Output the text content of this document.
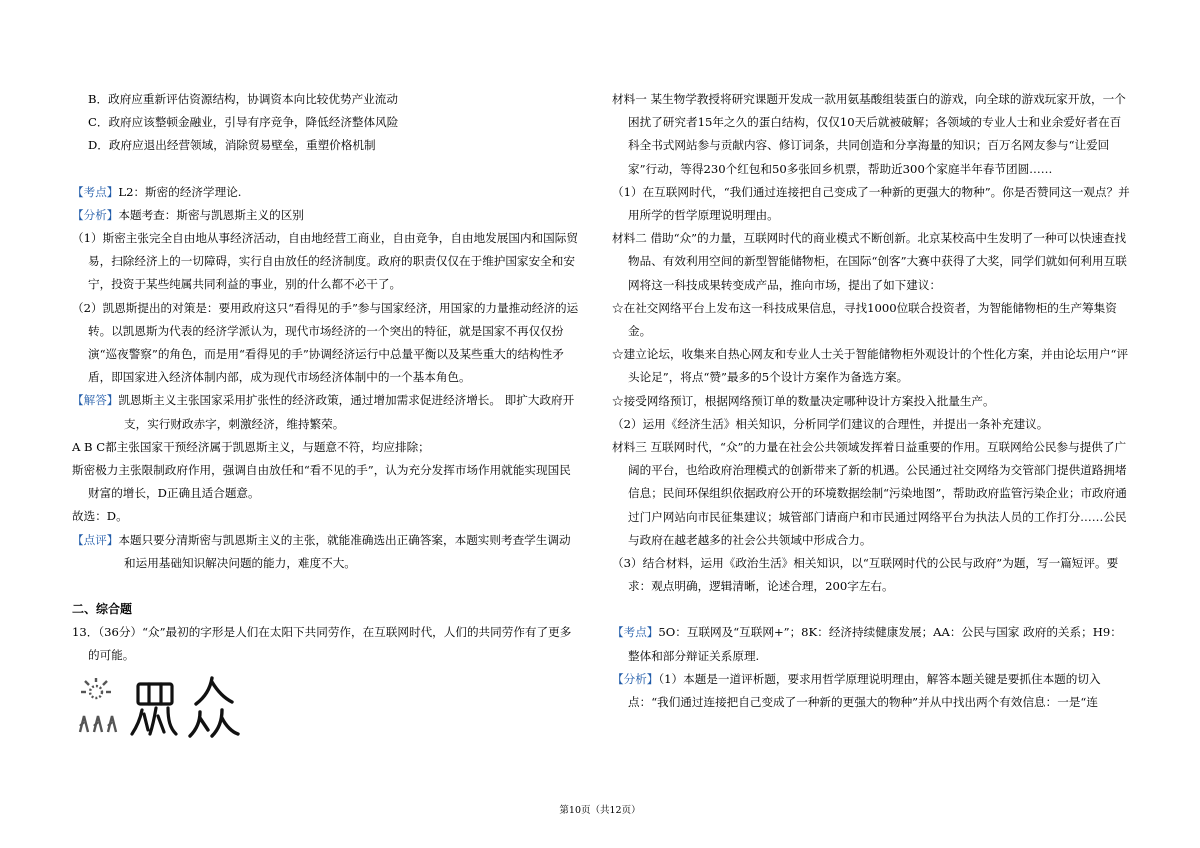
B．政府应重新评估资源结构，协调资本向比较优势产业流动

C．政府应该整顿金融业，引导有序竞争，降低经济整体风险

D．政府应退出经营领域，消除贸易壁垒，重塑价格机制

【考点】L2：斯密的经济学理论.

【分析】本题考查：斯密与凯恩斯主义的区别

（1）斯密主张完全自由地从事经济活动，自由地经营工商业，自由竞争，自由地发展国内和国际贸易，扫除经济上的一切障碍，实行自由放任的经济制度。政府的职责仅仅在于维护国家安全和安宁，投资于某些纯属共同利益的事业，别的什么都不必干了。

（2）凯恩斯提出的对策是：要用政府这只“看得见的手”参与国家经济，用国家的力量推动经济的运转。以凯恩斯为代表的经济学派认为，现代市场经济的一个突出的特征，就是国家不再仅仅扮演“巡夜警察”的角色，而是用“看得见的手”协调经济运行中总量平衡以及某些重大的结构性矛盾，即国家进入经济体制内部，成为现代市场经济体制中的一个基本角色。

【解答】凯恩斯主义主张国家采用扩张性的经济政策，通过增加需求促进经济增长。 即扩大政府开支，实行财政赤字，刺激经济，维持繁荣。

A B C都主张国家干预经济属于凯恩斯主义，与题意不符，均应排除；

斯密极力主张限制政府作用，强调自由放任和“看不见的手”，认为充分发挥市场作用就能实现国民财富的增长，D正确且适合题意。

故选：D。

【点评】本题只要分清斯密与凯恩斯主义的主张，就能准确选出正确答案，本题实则考查学生调动和运用基础知识解决问题的能力，难度不大。

二、综合题

13．（36分）“众”最初的字形是人们在太阳下共同劳作，在互联网时代，人们的共同劳作有了更多的可能。

材料一 某生物学教授将研究课题开发成一款用氨基酸组装蛋白的游戏，向全球的游戏玩家开放，一个困扰了研究者15年之久的蛋白结构，仅仅10天后就被破解；各领域的专业人士和业余爱好者在百科全书式网站参与贡献内容、修订词条，共同创造和分享海量的知识；百万名网友参与“让爱回家”行动，等得230个红包和50多张回乡机票，帮助近300个家庭半年春节团圆……

（1）在互联网时代，“我们通过连接把自己变成了一种新的更强大的物种”。你是否赞同这一观点？并用所学的哲学原理说明理由。

材料二 借助“众”的力量，互联网时代的商业模式不断创新。北京某校高中生发明了一种可以快速查找物品、有效利用空间的新型智能储物柜，在国际“创客”大赛中获得了大奖，同学们就如何利用互联网将这一科技成果转变成产品，推向市场，提出了如下建议：

☆在社交网络平台上发布这一科技成果信息，寻找1000位联合投资者，为智能储物柜的生产筹集资金。

☆建立论坛，收集来自热心网友和专业人士关于智能储物柜外观设计的个性化方案，并由论坛用户“评头论足”，将点“赞”最多的5个设计方案作为备选方案。

☆接受网络预订，根据网络预订单的数量决定哪种设计方案投入批量生产。

（2）运用《经济生活》相关知识，分析同学们建议的合理性，并提出一条补充建议。

材料三 互联网时代，“众”的力量在社会公共领域发挥着日益重要的作用。互联网给公民参与提供了广阔的平台，也给政府治理模式的创新带来了新的机遇。公民通过社交网络为交管部门提供道路拥堵信息；民间环保组织依据政府公开的环境数据绘制“污染地图”，帮助政府监管污染企业；市政府通过门户网站向市民征集建议；城管部门请商户和市民通过网络平台为执法人员的工作打分……公民与政府在越老越多的社会公共领域中形成合力。

（3）结合材料，运用《政治生活》相关知识，以“互联网时代的公民与政府”为题，写一篇短评。要求：观点明确，逻辑清晰，论述合理，200字左右。

【考点】5O：互联网及“互联网+”；8K：经济持续健康发展；AA：公民与国家 政府的关系；H9：整体和部分辩证关系原理.

【分析】（1）本题是一道评析题，要求用哲学原理说明理由，解答本题关键是要抓住本题的切入点：“我们通过连接把自己变成了一种新的更强大的物种”并从中找出两个有效信息：一是“连

第10页（共12页）
